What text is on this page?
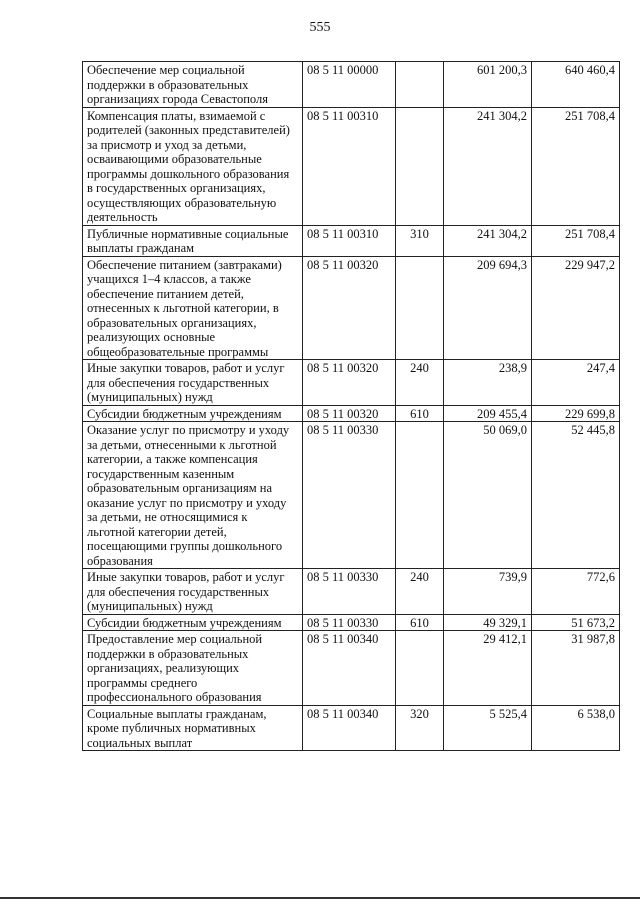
555
Обеспечение мер социальной поддержки в образовательных организациях города Севастополя	08 5 11 00000		601 200,3	640 460,4
Компенсация платы, взимаемой с родителей (законных представителей) за присмотр и уход за детьми, осваивающими образовательные программы дошкольного образования в государственных организациях, осуществляющих образовательную деятельность	08 5 11 00310		241 304,2	251 708,4
Публичные нормативные социальные выплаты гражданам	08 5 11 00310	310	241 304,2	251 708,4
Обеспечение питанием (завтраками) учащихся 1–4 классов, а также обеспечение питанием детей, отнесенных к льготной категории, в образовательных организациях, реализующих основные общеобразовательные программы	08 5 11 00320		209 694,3	229 947,2
Иные закупки товаров, работ и услуг для обеспечения государственных (муниципальных) нужд	08 5 11 00320	240	238,9	247,4
Субсидии бюджетным учреждениям	08 5 11 00320	610	209 455,4	229 699,8
Оказание услуг по присмотру и уходу за детьми, отнесенными к льготной категории, а также компенсация государственным казенным образовательным организациям на оказание услуг по присмотру и уходу за детьми, не относящимися к льготной категории детей, посещающими группы дошкольного образования	08 5 11 00330		50 069,0	52 445,8
Иные закупки товаров, работ и услуг для обеспечения государственных (муниципальных) нужд	08 5 11 00330	240	739,9	772,6
Субсидии бюджетным учреждениям	08 5 11 00330	610	49 329,1	51 673,2
Предоставление мер социальной поддержки в образовательных организациях, реализующих программы среднего профессионального образования	08 5 11 00340		29 412,1	31 987,8
Социальные выплаты гражданам, кроме публичных нормативных социальных выплат	08 5 11 00340	320	5 525,4	6 538,0
